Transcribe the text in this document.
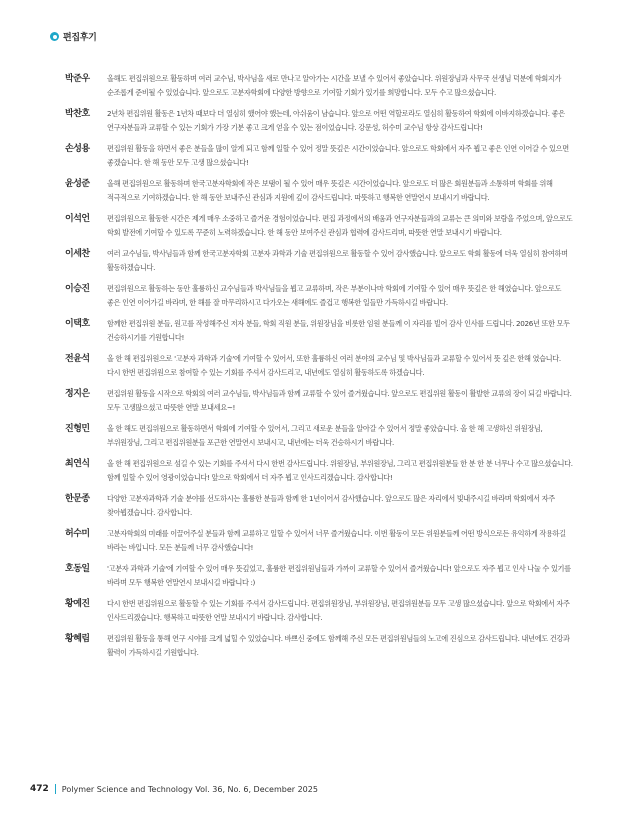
편집후기
박준우	올해도 편집위원으로 활동하며 여러 교수님, 박사님을 새로 만나고 알아가는 시간을 보낼 수 있어서 좋았습니다. 위원장님과 사무국 선생님 덕분에 학회지가 순조롭게 준비될 수 있었습니다. 앞으로도 고분자학회에 다양한 방향으로 기여할 기회가 있기를 희망합니다. 모두 수고 많으셨습니다.
박찬호	2년차 편집위원 활동은 1년차 때보다 더 열심히 했어야 했는데, 아쉬움이 남습니다. 앞으로 어떤 역할로라도 열심히 활동하여 학회에 이바지하겠습니다. 좋은 연구자분들과 교류할 수 있는 기회가 가장 기분 좋고 크게 얻을 수 있는 점이었습니다. 강문성, 허수미 교수님 항상 감사드립니다!
손성용	편집위원 활동을 하면서 좋은 분들을 많이 알게 되고 함께 일할 수 있어 정말 뜻깊은 시간이었습니다. 앞으로도 학회에서 자주 뵙고 좋은 인연 이어갈 수 있으면 좋겠습니다. 한 해 동안 모두 고생 많으셨습니다!
윤성준	올해 편집위원으로 활동하며 한국고분자학회에 작은 보탬이 될 수 있어 매우 뜻깊은 시간이었습니다. 앞으로도 더 많은 회원분들과 소통하며 학회를 위해 적극적으로 기여하겠습니다. 한 해 동안 보내주신 관심과 지원에 깊이 감사드립니다. 따뜻하고 행복한 연말연시 보내시기 바랍니다.
이석언	편집위원으로 활동한 시간은 제게 매우 소중하고 즐거운 경험이었습니다. 편집 과정에서의 배움과 연구자분들과의 교류는 큰 의미와 보람을 주었으며, 앞으로도 학회 발전에 기여할 수 있도록 꾸준히 노력하겠습니다. 한 해 동안 보여주신 관심과 협력에 감사드리며, 따뜻한 연말 보내시기 바랍니다.
이세찬	여러 교수님들, 박사님들과 함께 한국고분자학회 고분자 과학과 기술 편집위원으로 활동할 수 있어 감사했습니다. 앞으로도 학회 활동에 더욱 열심히 참여하며 활동하겠습니다.
이승진	편집위원으로 활동하는 동안 훌륭하신 교수님들과 박사님들을 뵙고 교류하며, 작은 부분이나마 학회에 기여할 수 있어 매우 뜻깊은 한 해였습니다. 앞으로도 좋은 인연 이어가길 바라며, 한 해를 잘 마무리하시고 다가오는 새해에도 즐겁고 행복한 일들만 가득하시길 바랍니다.
이택호	함께한 편집위원 분들, 원고를 작성해주신 저자 분들, 학회 직원 분들, 위원장님을 비롯한 임원 분들께 이 자리를 빌어 감사 인사를 드립니다. 2026년 또한 모두 건승하시기를 기원합니다!
전윤석	올 한 해 편집위원으로 '고분자 과학과 기술'에 기여할 수 있어서, 또한 훌륭하신 여러 분야의 교수님 및 박사님들과 교류할 수 있어서 뜻 깊은 한해 였습니다. 다시 한번 편집위원으로 참여할 수 있는 기회를 주셔서 감사드리고, 내년에도 열심히 활동하도록 하겠습니다.
정지은	편집위원 활동을 시작으로 학회의 여러 교수님들, 박사님들과 함께 교류할 수 있어 즐거웠습니다. 앞으로도 편집위원 활동이 활발한 교류의 장이 되길 바랍니다. 모두 고생많으셨고 따뜻한 연말 보내세요~!
진형민	올 한 해도 편집위원으로 활동하면서 학회에 기여할 수 있어서, 그리고 새로운 분들을 알아갈 수 있어서 정말 좋았습니다. 올 한 해 고생하신 위원장님, 부위원장님, 그리고 편집위원분들 포근한 연말연시 보내시고, 내년에는 더욱 건승하시기 바랍니다.
최연식	올 한 해 편집위원으로 섬길 수 있는 기회를 주셔서 다시 한번 감사드립니다. 위원장님, 부위원장님, 그리고 편집위원분들 한 분 한 분 너무나 수고 많으셨습니다. 함께 일할 수 있어 영광이었습니다! 앞으로 학회에서 더 자주 뵙고 인사드리겠습니다. 감사합니다!
한문종	다양한 고분자과학과 기술 분야를 선도하시는 훌륭한 분들과 함께 한 1년이어서 감사했습니다. 앞으로도 많은 자리에서 빛내주시길 바라며 학회에서 자주 찾아뵙겠습니다. 감사합니다.
허수미	고분자학회의 미래를 이끌어주실 분들과 함께 교류하고 일할 수 있어서 너무 즐거웠습니다. 이번 활동이 모든 위원분들께 어떤 방식으로든 유익하게 작용하길 바라는 바입니다. 모든 분들께 너무 감사했습니다!
호동일	'고분자 과학과 기술'에 기여할 수 있어 매우 뜻깊었고, 훌륭한 편집위원님들과 가까이 교류할 수 있어서 즐거웠습니다! 앞으로도 자주 뵙고 인사 나눌 수 있기를 바라며 모두 행복한 연말연시 보내시길 바랍니다 :)
황예진	다시 한번 편집위원으로 활동할 수 있는 기회를 주셔서 감사드립니다. 편집위원장님, 부위원장님, 편집위원분들 모두 고생 많으셨습니다. 앞으로 학회에서 자주 인사드리겠습니다. 행복하고 따뜻한 연말 보내시기 바랍니다. 감사합니다.
황혜림	편집위원 활동을 통해 연구 시야를 크게 넓힐 수 있었습니다. 바쁘신 중에도 함께해 주신 모든 편집위원님들의 노고에 진심으로 감사드립니다. 내년에도 건강과 활력이 가득하시길 기원합니다.
472 Polymer Science and Technology Vol. 36, No. 6, December 2025
